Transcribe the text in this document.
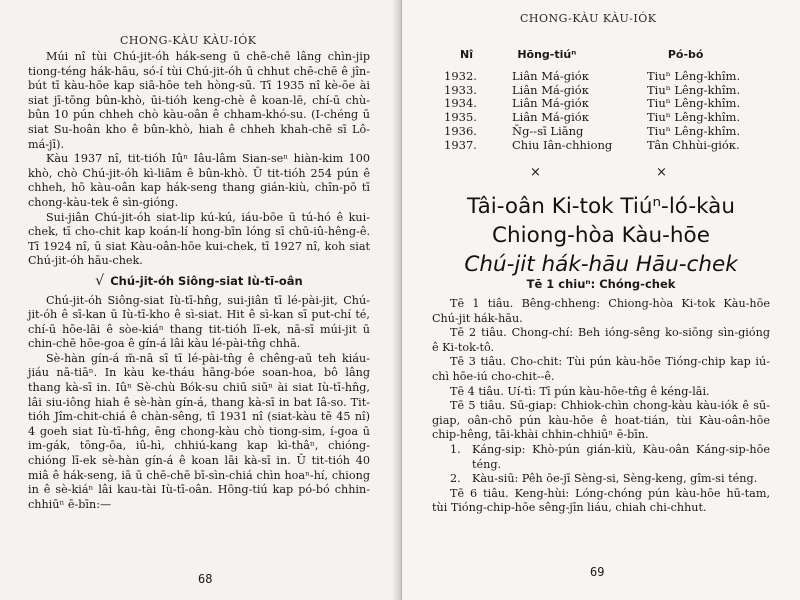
CHONG-KÀU KÀU-IÓK

Múi nî tùi Chú-jit-óh hák-seng ū chē-chē lâng chìn-jip tiong-téng hák-hāu, só-í tùi Chú-jit-óh ū chhut chē-chē ê jîn-bút tī kàu-hōe kap siā-hōe teh hòng-sū. Tī 1935 nî kè-ōe ài siat jī-tōng bûn-khò, ūi-tióh keng-chè ê koan-lē, chí-ū chù-bûn 10 pún chheh chò kàu-oân ê chham-khó-su. (I-chéng ū siat Su-hoân kho ê bûn-khò, hiah ê chheh khah-chē sī Lô-má-jī).

Kàu 1937 nî, tit-tióh Iûⁿ Iâu-lâm Sian-seⁿ hiàn-kim 100 khò, chò Chú-jit-óh kì-liām ê bûn-khò. Ū tit-tióh 254 pún ê chheh, hō kàu-oân kap hák-seng thang gián-kiù, chîn-pō tī chong-kàu-tek ê sìn-gióng.

Sui-jiân Chú-jit-óh siat-lip kú-kú, iáu-bōe ū tú-hó ê kui-chek, tī cho-chit kap koán-lí hong-bīn lóng sī chū-iû-hêng-ê. Tī 1924 nî, ū siat Kàu-oân-hōe kui-chek, tī 1927 nî, koh siat Chú-jit-óh hāu-chek.

√ Chú-jit-óh Siông-siat Iù-tī-oân

Chú-jit-óh Siông-siat Iù-tī-hn̂g, sui-jiân tī lé-pài-jit, Chú-jit-óh ê sī-kan ū Iù-tī-kho ê sì-siat. Hit ê sì-kan sī put-chí té, chí-ū hōe-lāi ê sòe-kiáⁿ thang tit-tióh lī-ek, nā-sī múi-jit ū chin-chē hōe-goa ê gín-á lâi kàu lé-pài-tn̂g chhā.

Sè-hàn gín-á m̄-nā sī tī lé-pài-tn̂g ê chêng-aū teh kiáu-jiáu nā-tiāⁿ. In kàu ke-tháu hāng-bóe soan-hoa, bô lâng thang kà-sī in. Iûⁿ Sè-chù Bók-su chiū siūⁿ ài siat Iù-tī-hn̂g, lâi siu-iông hiah ê sè-hàn gín-á, thang kà-sī in bat Iâ-so. Tit-tióh Jîm-chit-chiá ê chàn-sêng, tī 1931 nî (siat-kàu tē 45 nî) 4 goeh siat Iù-tī-hn̂g, ēng chong-kàu chò tiong-sim, í-goa ū im-gák, tōng-ōa, iû-hì, chhiú-kang kap kì-thâⁿ, chióng-chióng lī-ek sè-hàn gín-á ê koan lāi kà-sī in. Ū tit-tióh 40 miâ ê hák-seng, iā ū chē-chē bī-sìn-chiá chìn hoaⁿ-hí, chiong in ê sè-kiáⁿ lâi kau-tài Iù-tī-oân. Hōng-tiú kap pó-bó chhin-chhiūⁿ ē-bīn:—

68
CHONG-KÀU KÀU-IÓK
Nî	Hōng-tiúⁿ	Pó-bó
1932.	Liân Má-gióк	Tiuⁿ Lêng-khîm.
1933.	Liân Má-gióк	Tiuⁿ Lêng-khîm.
1934.	Liân Má-gióк	Tiuⁿ Lêng-khîm.
1935.	Liân Má-gióк	Tiuⁿ Lêng-khîm.
1936.	N̄g--sī Liāng	Tiuⁿ Lêng-khîm.
1937.	Chiu Iân-chhiong	Tân Chhùi-gióк.
×	×
Tâi-oân Ki-tok Tiúⁿ-ló-kàu
Chiong-hòa Kàu-hōe
Chú-jit hák-hāu Hāu-chek
Tē 1 chiuⁿ: Chóng-chek

Tē 1 tiâu. Bêng-chheng: Chiong-hòa Ki-tok Kàu-hōe Chú-jit hák-hāu.

Tē 2 tiâu. Chong-chí: Beh ióng-sêng ko-siōng sìn-gióng ê Ki-tok-tô.

Tē 3 tiâu. Cho-chit: Tùi pún kàu-hōe Tióng-chip kap iú-chì hōe-iú cho-chit--ê.

Tē 4 tiâu. Uí-tì: Tī pún kàu-hōe-tn̂g ê kéng-lāi.

Tē 5 tiâu. Sū-giap: Chhiok-chìn chong-kàu kàu-iók ê sū-giap, oân-chō pún kàu-hōe ê hoat-tián, tùi Kàu-oân-hōe chip-hêng, tāi-khài chhin-chhiūⁿ ē-bīn.

1. Káng-sip: Khò-pún gián-kiù, Kàu-oân Káng-sip-hōe téng.

2. Kàu-siū: Pêh ōe-jī Sèng-si, Sèng-keng, gîm-si téng.

Tē 6 tiâu. Keng-hùi: Lóng-chóng pún kàu-hōe hū-tam, tùi Tióng-chip-hōe sêng-jīn liáu, chiah chi-chhut.

69
